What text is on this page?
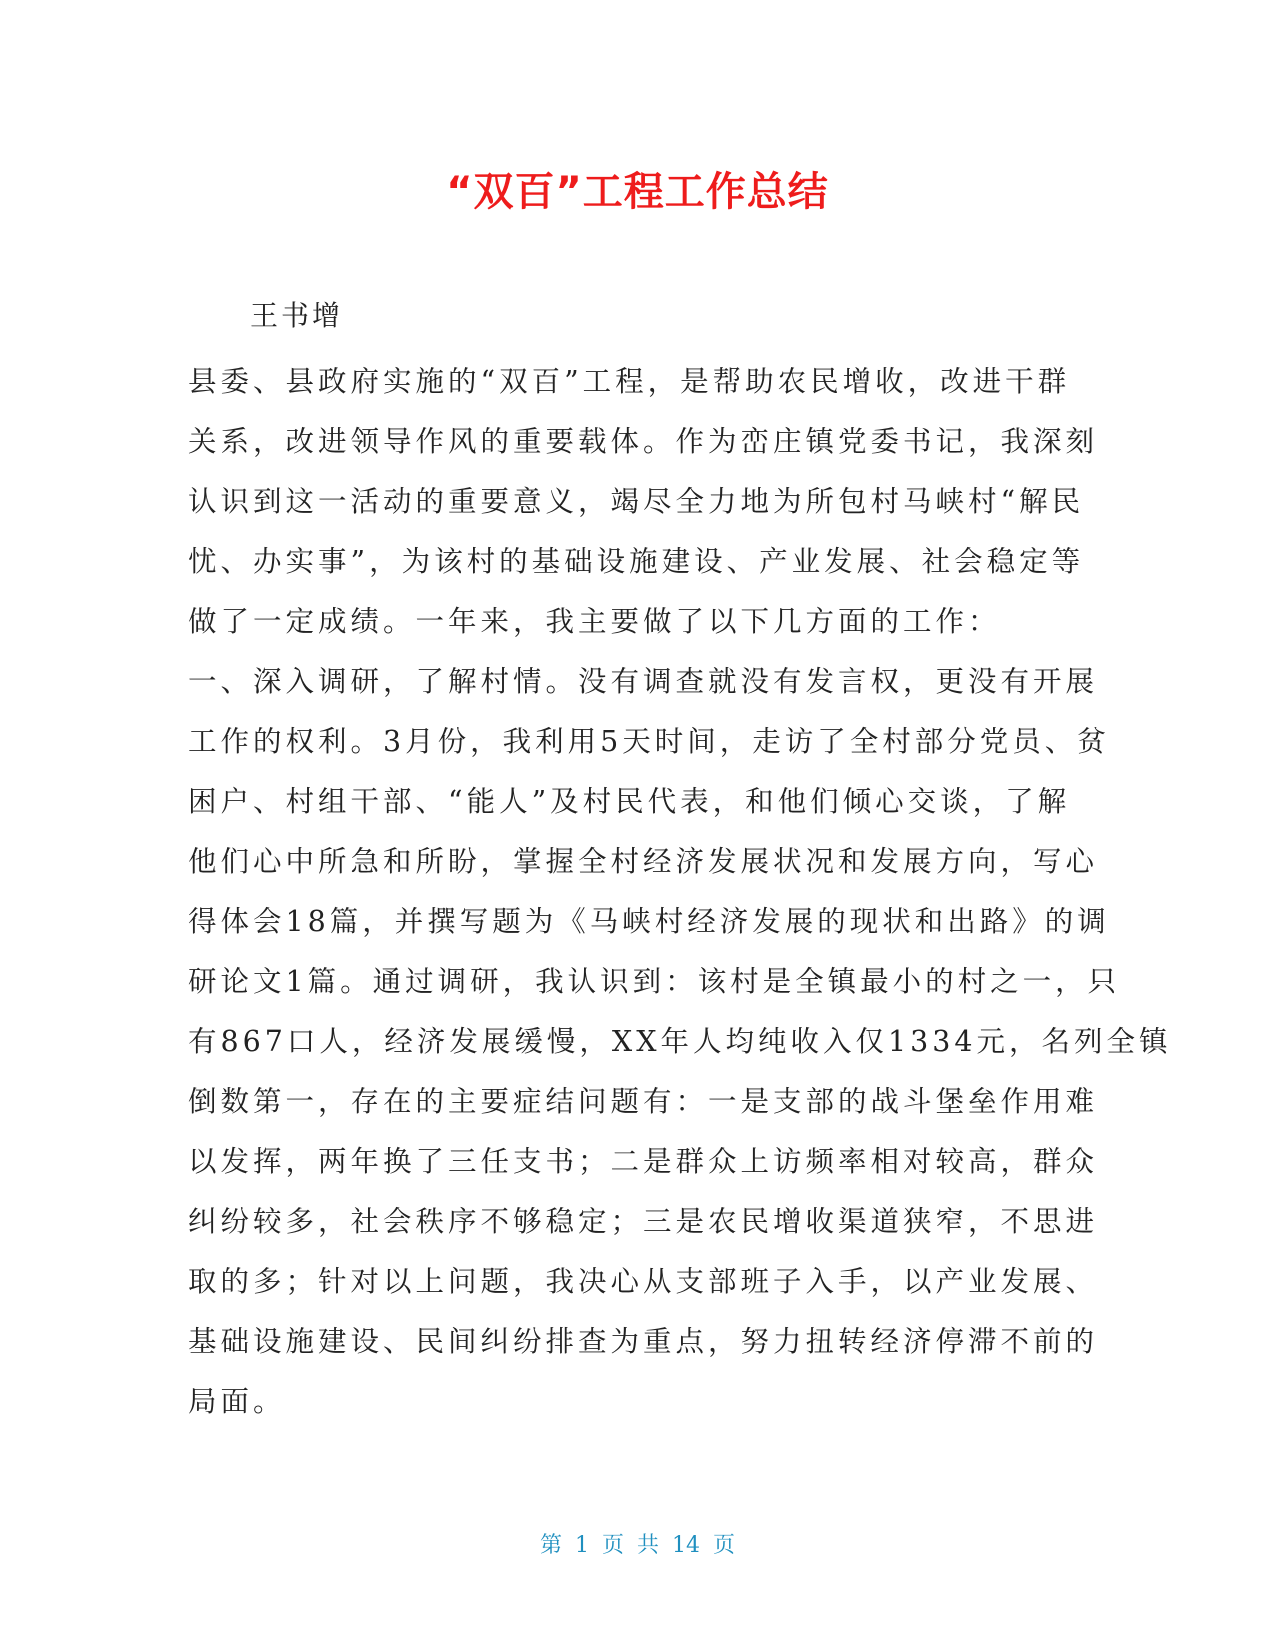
“双百”工程工作总结
王书增
县委、县政府实施的“双百”工程，是帮助农民增收，改进干群
关系，改进领导作风的重要载体。作为峦庄镇党委书记，我深刻
认识到这一活动的重要意义，竭尽全力地为所包村马峡村“解民
忧、办实事”，为该村的基础设施建设、产业发展、社会稳定等
做了一定成绩。一年来，我主要做了以下几方面的工作：
一、深入调研，了解村情。没有调查就没有发言权，更没有开展
工作的权利。3月份，我利用5天时间，走访了全村部分党员、贫
困户、村组干部、“能人”及村民代表，和他们倾心交谈，了解
他们心中所急和所盼，掌握全村经济发展状况和发展方向，写心
得体会18篇，并撰写题为《马峡村经济发展的现状和出路》的调
研论文1篇。通过调研，我认识到：该村是全镇最小的村之一，只
有867口人，经济发展缓慢，XX年人均纯收入仅1334元，名列全镇
倒数第一，存在的主要症结问题有：一是支部的战斗堡垒作用难
以发挥，两年换了三任支书；二是群众上访频率相对较高，群众
纠纷较多，社会秩序不够稳定；三是农民增收渠道狭窄，不思进
取的多；针对以上问题，我决心从支部班子入手，以产业发展、
基础设施建设、民间纠纷排查为重点，努力扭转经济停滞不前的
局面。
第 1 页 共 14 页
